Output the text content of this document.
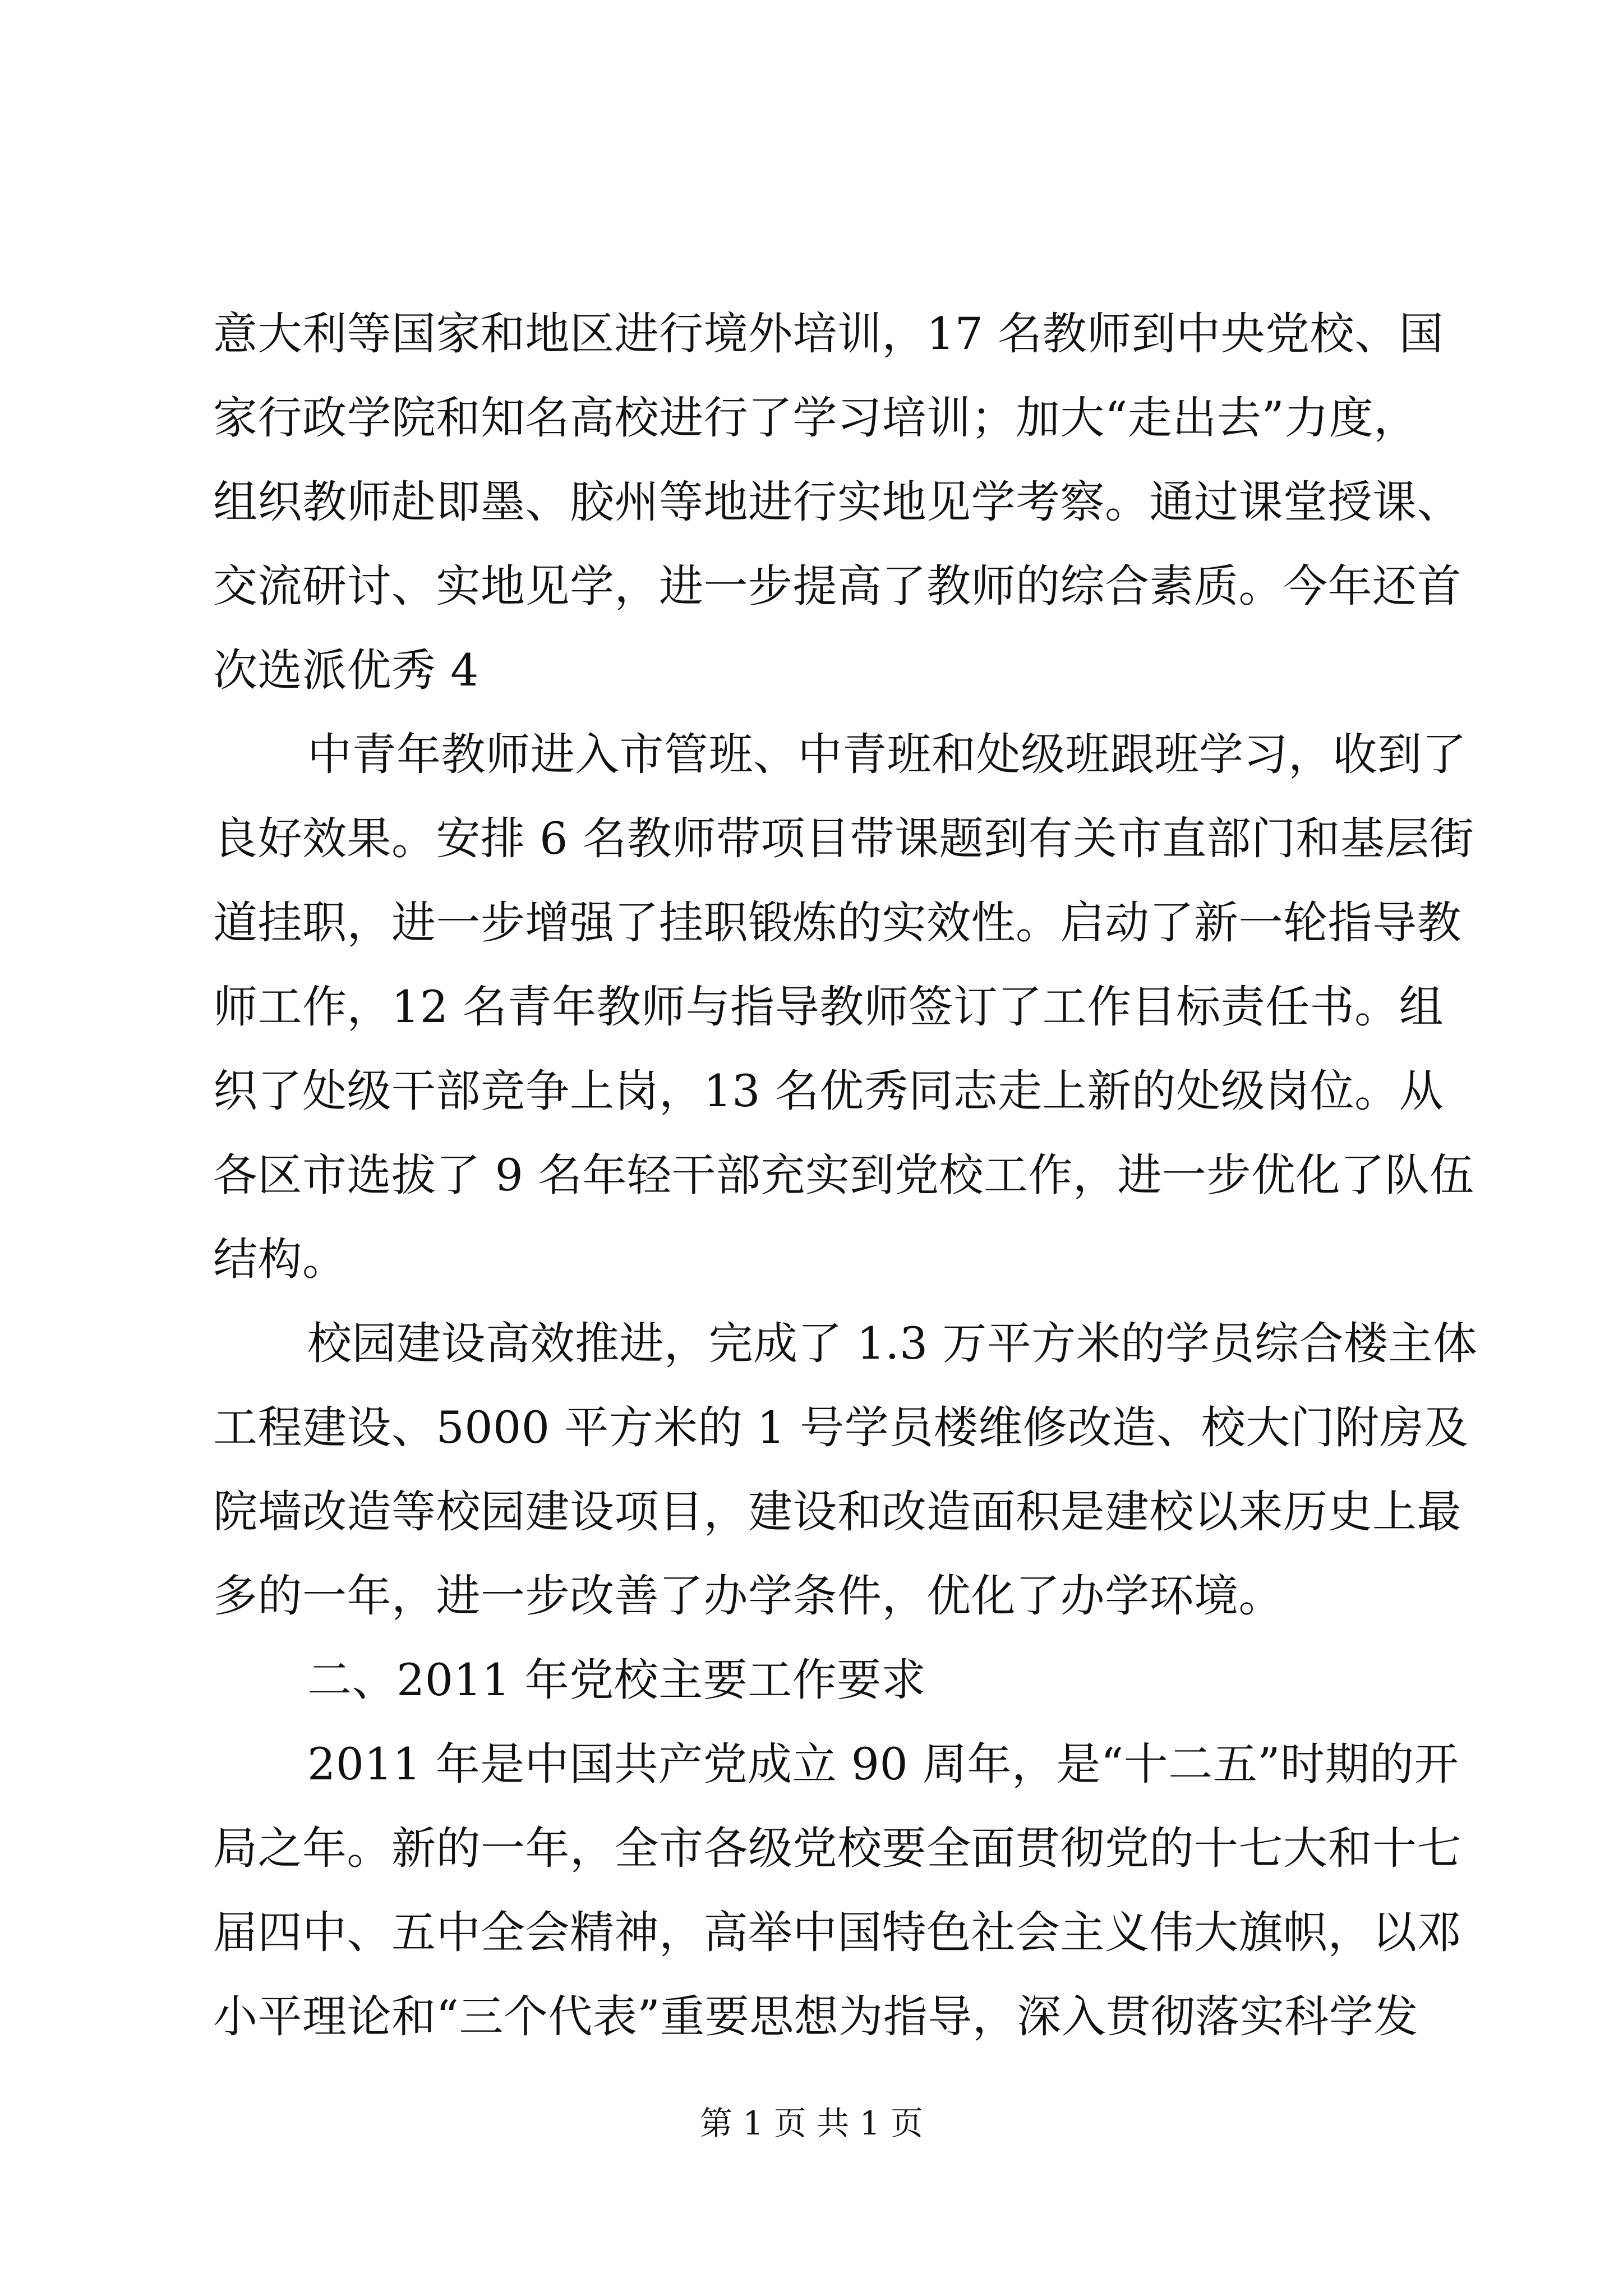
意大利等国家和地区进行境外培训，17 名教师到中央党校、国
家行政学院和知名高校进行了学习培训；加大“走出去”力度，
组织教师赴即墨、胶州等地进行实地见学考察。通过课堂授课、
交流研讨、实地见学，进一步提高了教师的综合素质。今年还首
次选派优秀 4
中青年教师进入市管班、中青班和处级班跟班学习，收到了
良好效果。安排 6 名教师带项目带课题到有关市直部门和基层街
道挂职，进一步增强了挂职锻炼的实效性。启动了新一轮指导教
师工作，12 名青年教师与指导教师签订了工作目标责任书。组
织了处级干部竞争上岗，13 名优秀同志走上新的处级岗位。从
各区市选拔了 9 名年轻干部充实到党校工作，进一步优化了队伍
结构。
校园建设高效推进，完成了 1.3 万平方米的学员综合楼主体
工程建设、5000 平方米的 1 号学员楼维修改造、校大门附房及
院墙改造等校园建设项目，建设和改造面积是建校以来历史上最
多的一年，进一步改善了办学条件，优化了办学环境。
二、2011 年党校主要工作要求
2011 年是中国共产党成立 90 周年，是“十二五”时期的开
局之年。新的一年，全市各级党校要全面贯彻党的十七大和十七
届四中、五中全会精神，高举中国特色社会主义伟大旗帜，以邓
小平理论和“三个代表”重要思想为指导，深入贯彻落实科学发
第 1 页 共 1 页
